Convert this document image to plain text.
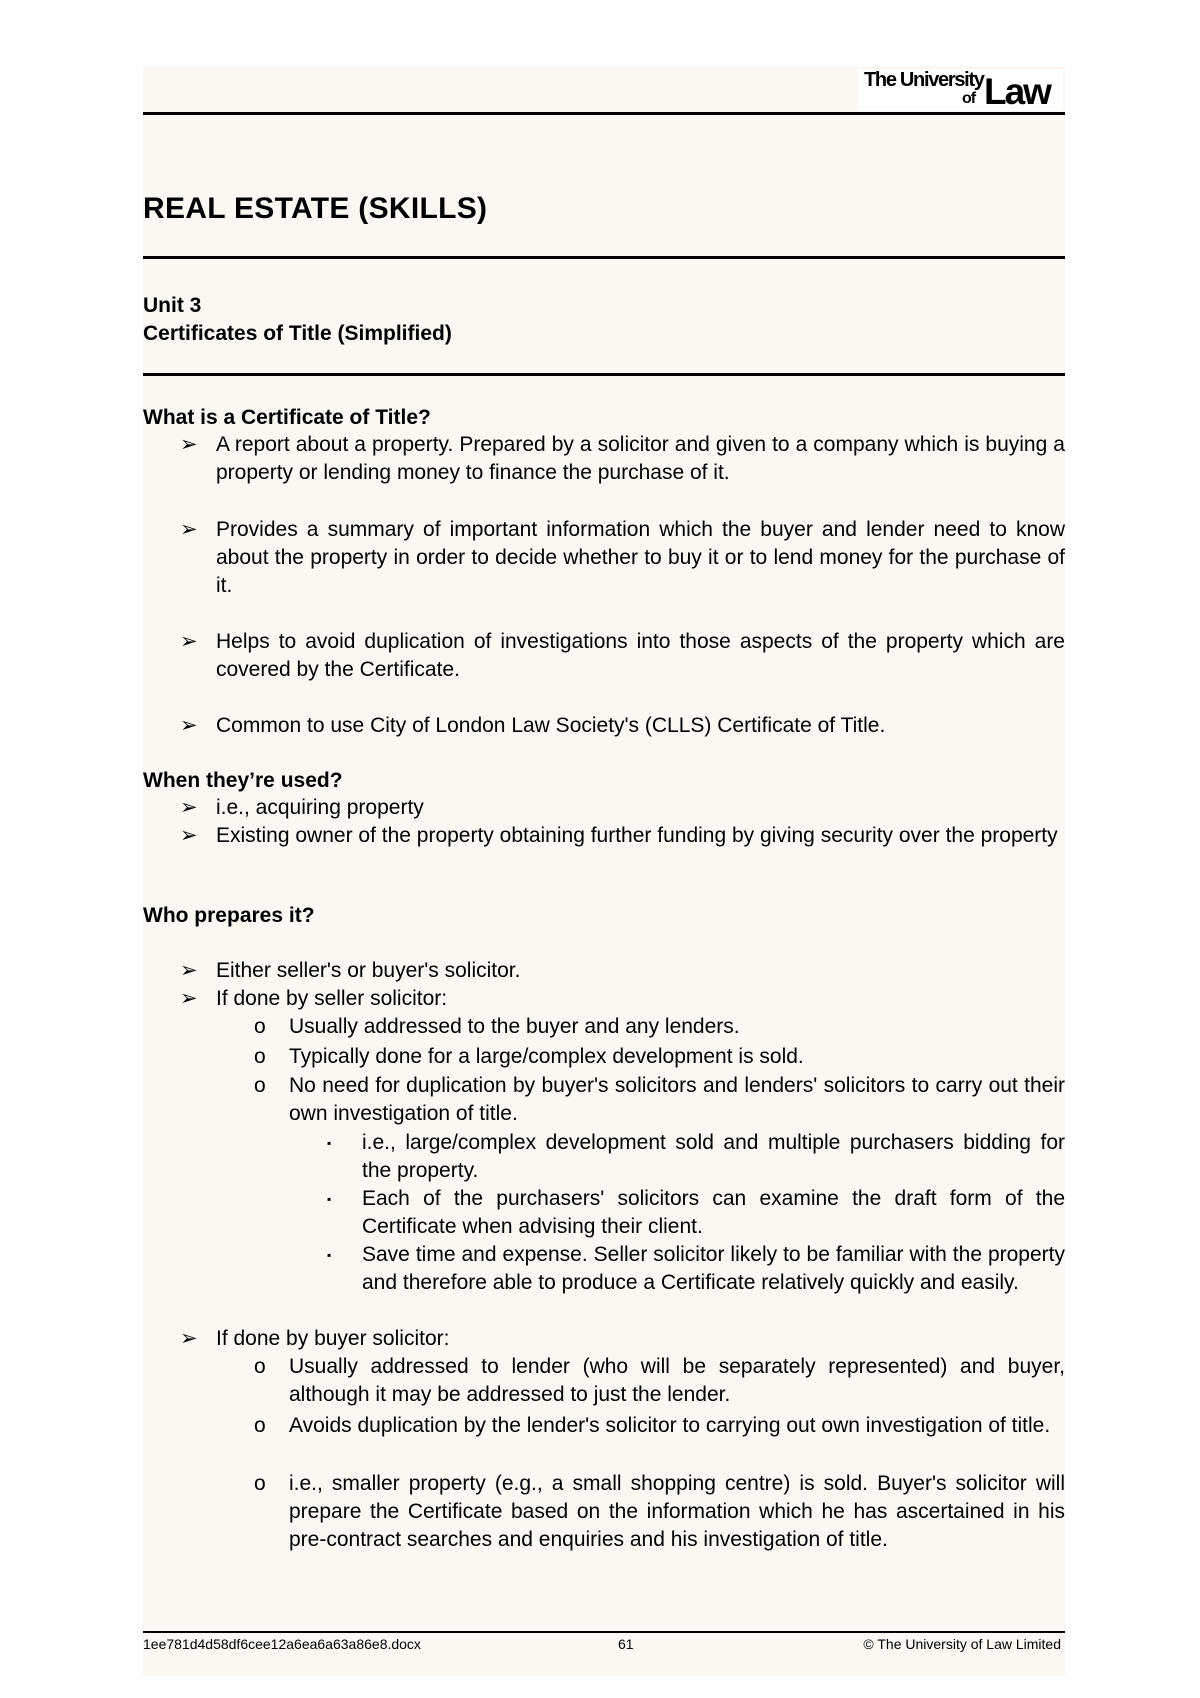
The University
of Law
REAL ESTATE (SKILLS)
Unit 3
Certificates of Title (Simplified)
What is a Certificate of Title?
➢ A report about a property. Prepared by a solicitor and given to a company which is buying a property or lending money to finance the purchase of it.
➢ Provides a summary of important information which the buyer and lender need to know about the property in order to decide whether to buy it or to lend money for the purchase of it.
➢ Helps to avoid duplication of investigations into those aspects of the property which are covered by the Certificate.
➢ Common to use City of London Law Society's (CLLS) Certificate of Title.
When they’re used?
➢ i.e., acquiring property
➢ Existing owner of the property obtaining further funding by giving security over the property
Who prepares it?
➢ Either seller's or buyer's solicitor.
➢ If done by seller solicitor:
o Usually addressed to the buyer and any lenders.
o Typically done for a large/complex development is sold.
o No need for duplication by buyer's solicitors and lenders' solicitors to carry out their own investigation of title.
▪ i.e., large/complex development sold and multiple purchasers bidding for the property.
▪ Each of the purchasers' solicitors can examine the draft form of the Certificate when advising their client.
▪ Save time and expense. Seller solicitor likely to be familiar with the property and therefore able to produce a Certificate relatively quickly and easily.
➢ If done by buyer solicitor:
o Usually addressed to lender (who will be separately represented) and buyer, although it may be addressed to just the lender.
o Avoids duplication by the lender's solicitor to carrying out own investigation of title.
o i.e., smaller property (e.g., a small shopping centre) is sold. Buyer's solicitor will prepare the Certificate based on the information which he has ascertained in his pre-contract searches and enquiries and his investigation of title.
1ee781d4d58df6cee12a6ea6a63a86e8.docx	61	© The University of Law Limited
